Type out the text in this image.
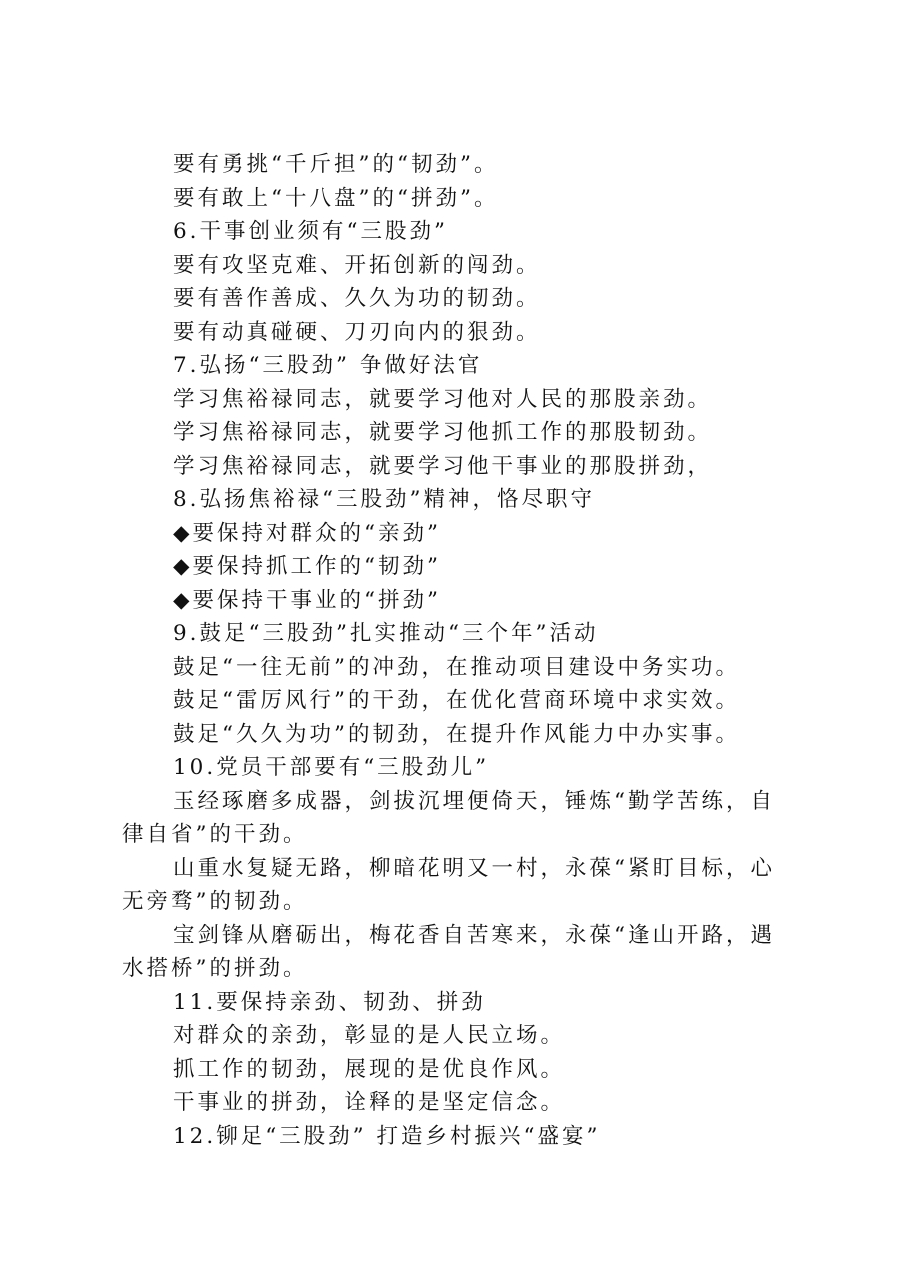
要有勇挑“千斤担”的“韧劲”。
要有敢上“十八盘”的“拼劲”。
6.干事创业须有“三股劲”
要有攻坚克难、开拓创新的闯劲。
要有善作善成、久久为功的韧劲。
要有动真碰硬、刀刃向内的狠劲。
7.弘扬“三股劲” 争做好法官
学习焦裕禄同志，就要学习他对人民的那股亲劲。
学习焦裕禄同志，就要学习他抓工作的那股韧劲。
学习焦裕禄同志，就要学习他干事业的那股拼劲，
8.弘扬焦裕禄“三股劲”精神，恪尽职守
◆要保持对群众的“亲劲”
◆要保持抓工作的“韧劲”
◆要保持干事业的“拼劲”
9.鼓足“三股劲”扎实推动“三个年”活动
鼓足“一往无前”的冲劲，在推动项目建设中务实功。
鼓足“雷厉风行”的干劲，在优化营商环境中求实效。
鼓足“久久为功”的韧劲，在提升作风能力中办实事。
10.党员干部要有“三股劲儿”
玉经琢磨多成器，剑拔沉埋便倚天，锤炼“勤学苦练，自
律自省”的干劲。
山重水复疑无路，柳暗花明又一村，永葆“紧盯目标，心
无旁骛”的韧劲。
宝剑锋从磨砺出，梅花香自苦寒来，永葆“逢山开路，遇
水搭桥”的拼劲。
11.要保持亲劲、韧劲、拼劲
对群众的亲劲，彰显的是人民立场。
抓工作的韧劲，展现的是优良作风。
干事业的拼劲，诠释的是坚定信念。
12.铆足“三股劲” 打造乡村振兴“盛宴”
